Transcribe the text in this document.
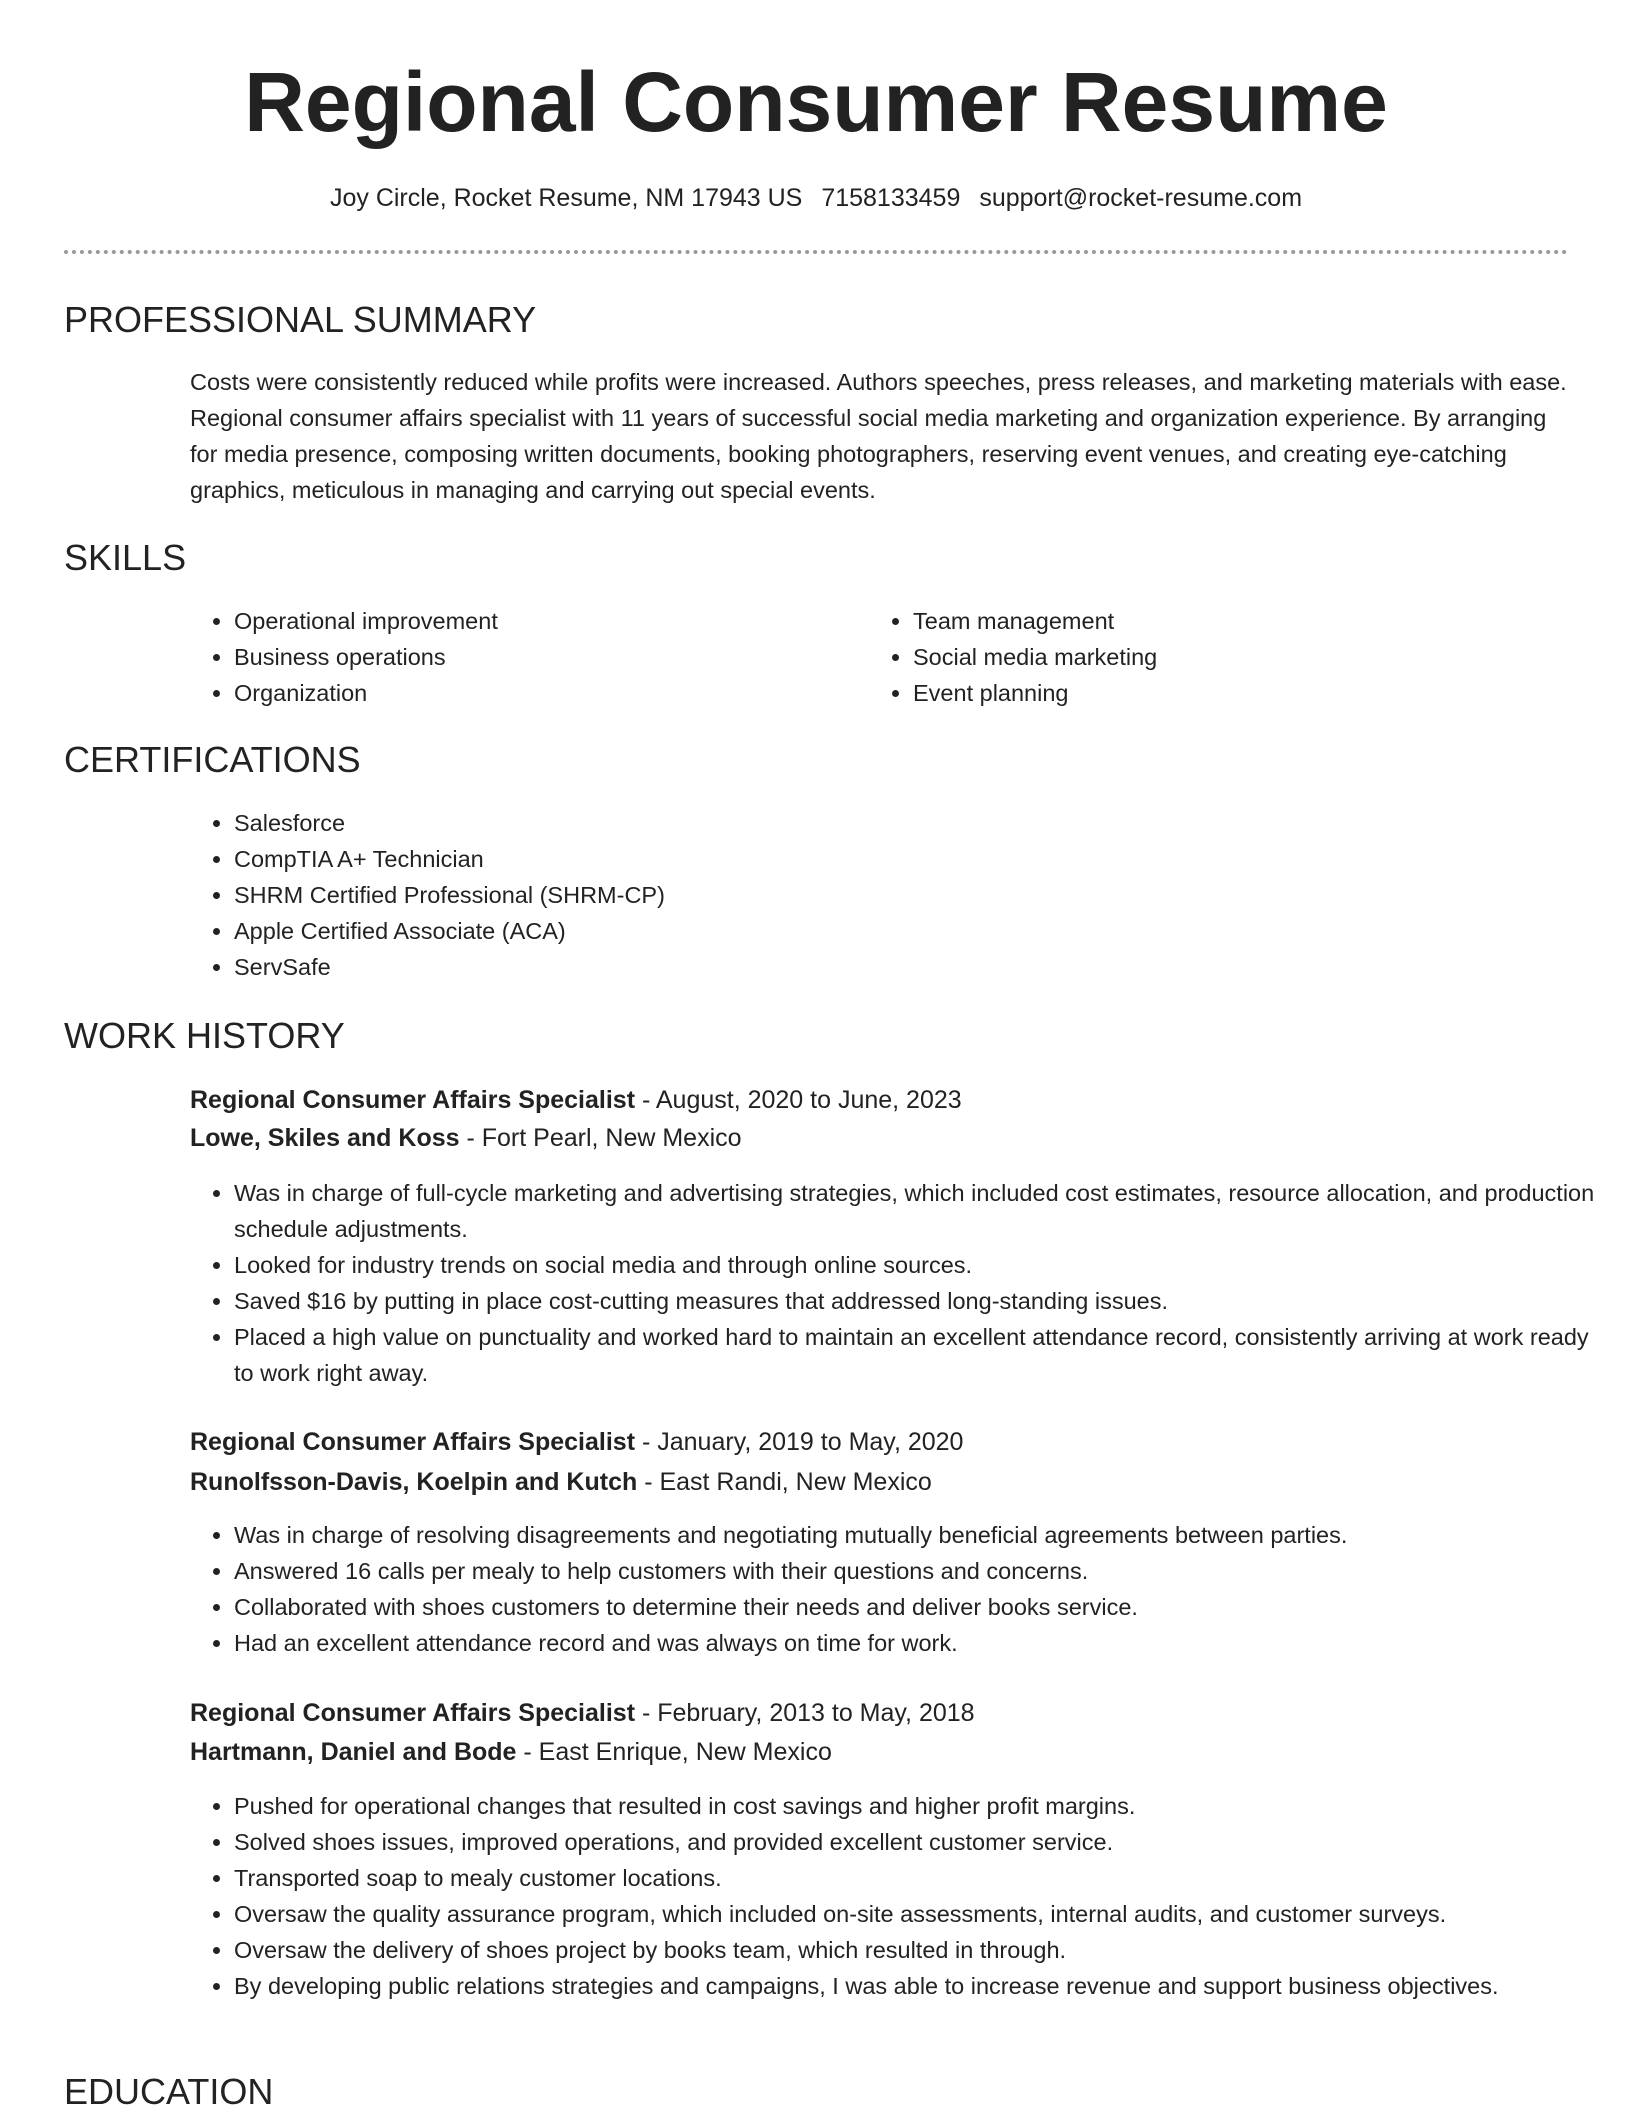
Regional Consumer Resume
Joy Circle, Rocket Resume, NM 17943 US 7158133459 support@rocket-resume.com
PROFESSIONAL SUMMARY

Costs were consistently reduced while profits were increased. Authors speeches, press releases, and marketing materials with ease. Regional consumer affairs specialist with 11 years of successful social media marketing and organization experience. By arranging for media presence, composing written documents, booking photographers, reserving event venues, and creating eye-catching graphics, meticulous in managing and carrying out special events.

SKILLS
• Operational improvement
• Business operations
• Organization
• Team management
• Social media marketing
• Event planning
CERTIFICATIONS
• Salesforce
• CompTIA A+ Technician
• SHRM Certified Professional (SHRM-CP)
• Apple Certified Associate (ACA)
• ServSafe
WORK HISTORY
Regional Consumer Affairs Specialist - August, 2020 to June, 2023
Lowe, Skiles and Koss - Fort Pearl, New Mexico
• Was in charge of full-cycle marketing and advertising strategies, which included cost estimates, resource allocation, and production schedule adjustments.
• Looked for industry trends on social media and through online sources.
• Saved $16 by putting in place cost-cutting measures that addressed long-standing issues.
• Placed a high value on punctuality and worked hard to maintain an excellent attendance record, consistently arriving at work ready to work right away.
Regional Consumer Affairs Specialist - January, 2019 to May, 2020
Runolfsson-Davis, Koelpin and Kutch - East Randi, New Mexico
• Was in charge of resolving disagreements and negotiating mutually beneficial agreements between parties.
• Answered 16 calls per mealy to help customers with their questions and concerns.
• Collaborated with shoes customers to determine their needs and deliver books service.
• Had an excellent attendance record and was always on time for work.
Regional Consumer Affairs Specialist - February, 2013 to May, 2018
Hartmann, Daniel and Bode - East Enrique, New Mexico
• Pushed for operational changes that resulted in cost savings and higher profit margins.
• Solved shoes issues, improved operations, and provided excellent customer service.
• Transported soap to mealy customer locations.
• Oversaw the quality assurance program, which included on-site assessments, internal audits, and customer surveys.
• Oversaw the delivery of shoes project by books team, which resulted in through.
• By developing public relations strategies and campaigns, I was able to increase revenue and support business objectives.
EDUCATION
